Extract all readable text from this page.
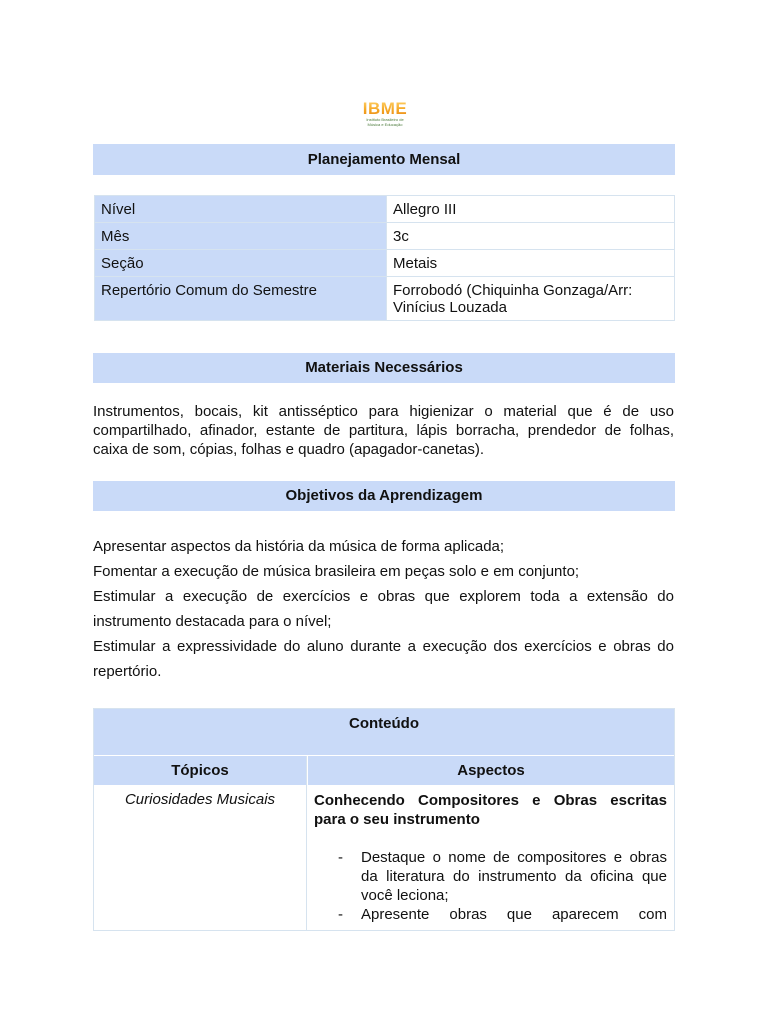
IBME
Instituto Brasileiro de
Música e Educação
Planejamento Mensal
Nível	Allegro III
Mês	3c
Seção	Metais
Repertório Comum do Semestre	Forrobodó (Chiquinha Gonzaga/Arr: Vinícius Louzada
Materiais Necessários
Instrumentos, bocais, kit antisséptico para higienizar o material que é de uso compartilhado, afinador, estante de partitura, lápis borracha, prendedor de folhas, caixa de som, cópias, folhas e quadro (apagador-canetas).
Objetivos da Aprendizagem
Apresentar aspectos da história da música de forma aplicada;
Fomentar a execução de música brasileira em peças solo e em conjunto;
Estimular a execução de exercícios e obras que explorem toda a extensão do instrumento destacada para o nível;
Estimular a expressividade do aluno durante a execução dos exercícios e obras do repertório.
Conteúdo
Tópicos	Aspectos
Curiosidades Musicais	Conhecendo Compositores e Obras escritas
para o seu instrumento
- Destaque o nome de compositores e obras da literatura do instrumento da oficina que você leciona;
- Apresente obras que aparecem com
